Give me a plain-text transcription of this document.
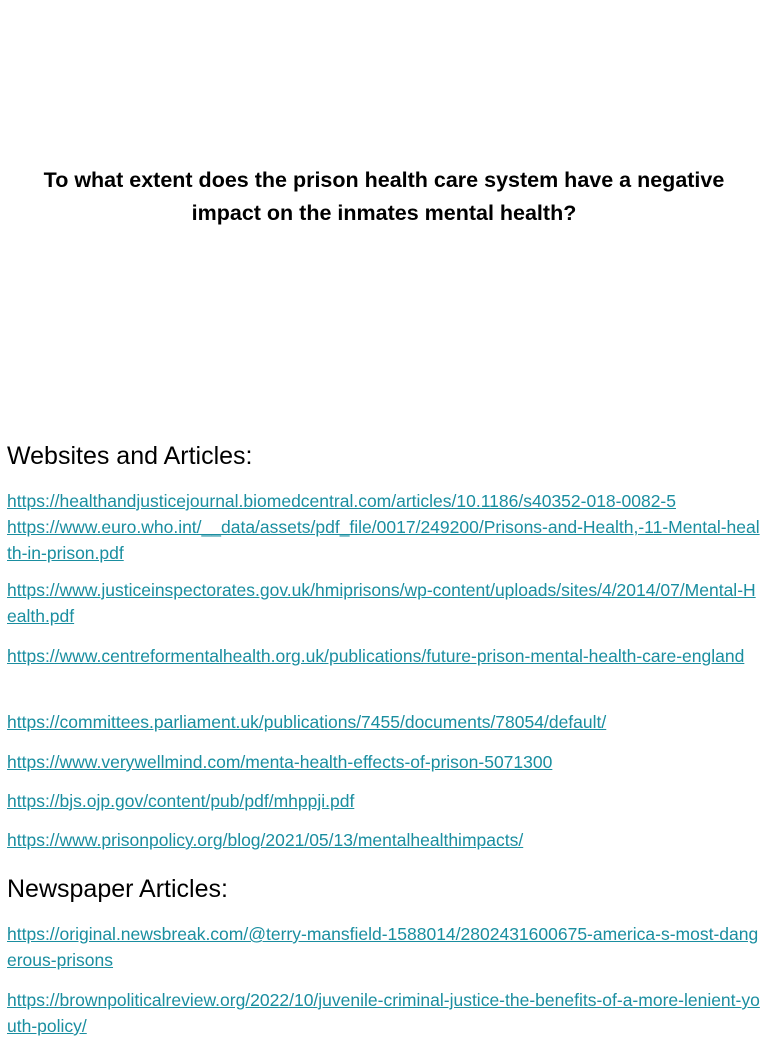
To what extent does the prison health care system have a negative impact on the inmates mental health?
Websites and Articles:
https://healthandjusticejournal.biomedcentral.com/articles/10.1186/s40352-018-0082-5
https://www.euro.who.int/__data/assets/pdf_file/0017/249200/Prisons-and-Health,-11-Mental-health-in-prison.pdf
https://www.justiceinspectorates.gov.uk/hmiprisons/wp-content/uploads/sites/4/2014/07/Mental-Health.pdf
https://www.centreformentalhealth.org.uk/publications/future-prison-mental-health-care-england
https://committees.parliament.uk/publications/7455/documents/78054/default/
https://www.verywellmind.com/menta-health-effects-of-prison-5071300
https://bjs.ojp.gov/content/pub/pdf/mhppji.pdf
https://www.prisonpolicy.org/blog/2021/05/13/mentalhealthimpacts/
Newspaper Articles:
https://original.newsbreak.com/@terry-mansfield-1588014/2802431600675-america-s-most-dangerous-prisons
https://brownpoliticalreview.org/2022/10/juvenile-criminal-justice-the-benefits-of-a-more-lenient-youth-policy/
